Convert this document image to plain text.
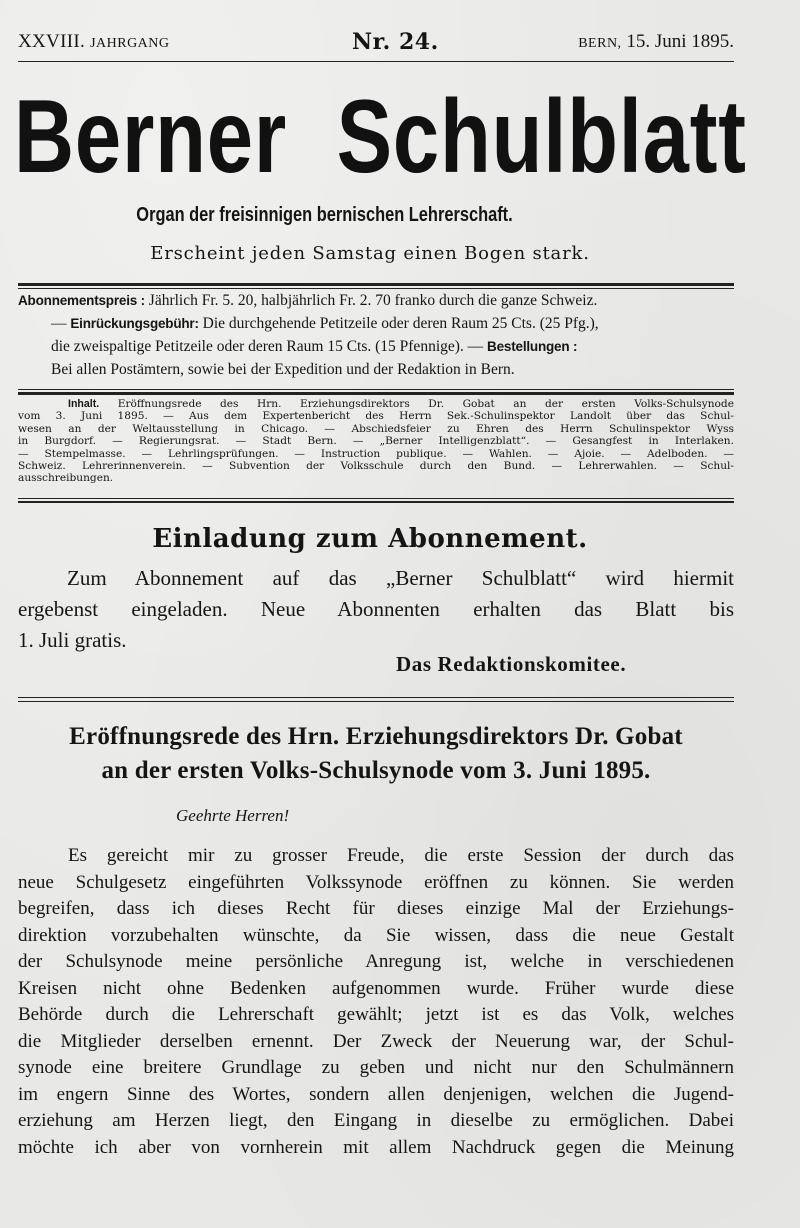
XXVIII. JAHRGANG	Nr. 24.	BERN, 15. Juni 1895.
Berner Schulblatt
Organ der freisinnigen bernischen Lehrerschaft.
Erscheint jeden Samstag einen Bogen stark.
Abonnementspreis : Jährlich Fr. 5. 20, halbjährlich Fr. 2. 70 franko durch die ganze Schweiz.
— Einrückungsgebühr: Die durchgehende Petitzeile oder deren Raum 25 Cts. (25 Pfg.),
die zweispaltige Petitzeile oder deren Raum 15 Cts. (15 Pfennige). — Bestellungen :
Bei allen Postämtern, sowie bei der Expedition und der Redaktion in Bern.
Inhalt. Eröffnungsrede des Hrn. Erziehungsdirektors Dr. Gobat an der ersten Volks-Schulsynode
vom 3. Juni 1895. — Aus dem Expertenbericht des Herrn Sek.-Schulinspektor Landolt über das Schul-
wesen an der Weltausstellung in Chicago. — Abschiedsfeier zu Ehren des Herrn Schulinspektor Wyss
in Burgdorf. — Regierungsrat. — Stadt Bern. — „Berner Intelligenzblatt“. — Gesangfest in Interlaken.
— Stempelmasse. — Lehrlingsprüfungen. — Instruction publique. — Wahlen. — Ajoie. — Adelboden. —
Schweiz. Lehrerinnenverein. — Subvention der Volksschule durch den Bund. — Lehrerwahlen. — Schul-
ausschreibungen.
Einladung zum Abonnement.
Zum Abonnement auf das „Berner Schulblatt“ wird hiermit
ergebenst eingeladen. Neue Abonnenten erhalten das Blatt bis
1. Juli gratis.
Das Redaktionskomitee.
Eröffnungsrede des Hrn. Erziehungsdirektors Dr. Gobat
an der ersten Volks-Schulsynode vom 3. Juni 1895.
Geehrte Herren!
Es gereicht mir zu grosser Freude, die erste Session der durch das
neue Schulgesetz eingeführten Volkssynode eröffnen zu können. Sie werden
begreifen, dass ich dieses Recht für dieses einzige Mal der Erziehungs-
direktion vorzubehalten wünschte, da Sie wissen, dass die neue Gestalt
der Schulsynode meine persönliche Anregung ist, welche in verschiedenen
Kreisen nicht ohne Bedenken aufgenommen wurde. Früher wurde diese
Behörde durch die Lehrerschaft gewählt; jetzt ist es das Volk, welches
die Mitglieder derselben ernennt. Der Zweck der Neuerung war, der Schul-
synode eine breitere Grundlage zu geben und nicht nur den Schulmännern
im engern Sinne des Wortes, sondern allen denjenigen, welchen die Jugend-
erziehung am Herzen liegt, den Eingang in dieselbe zu ermöglichen. Dabei
möchte ich aber von vornherein mit allem Nachdruck gegen die Meinung
